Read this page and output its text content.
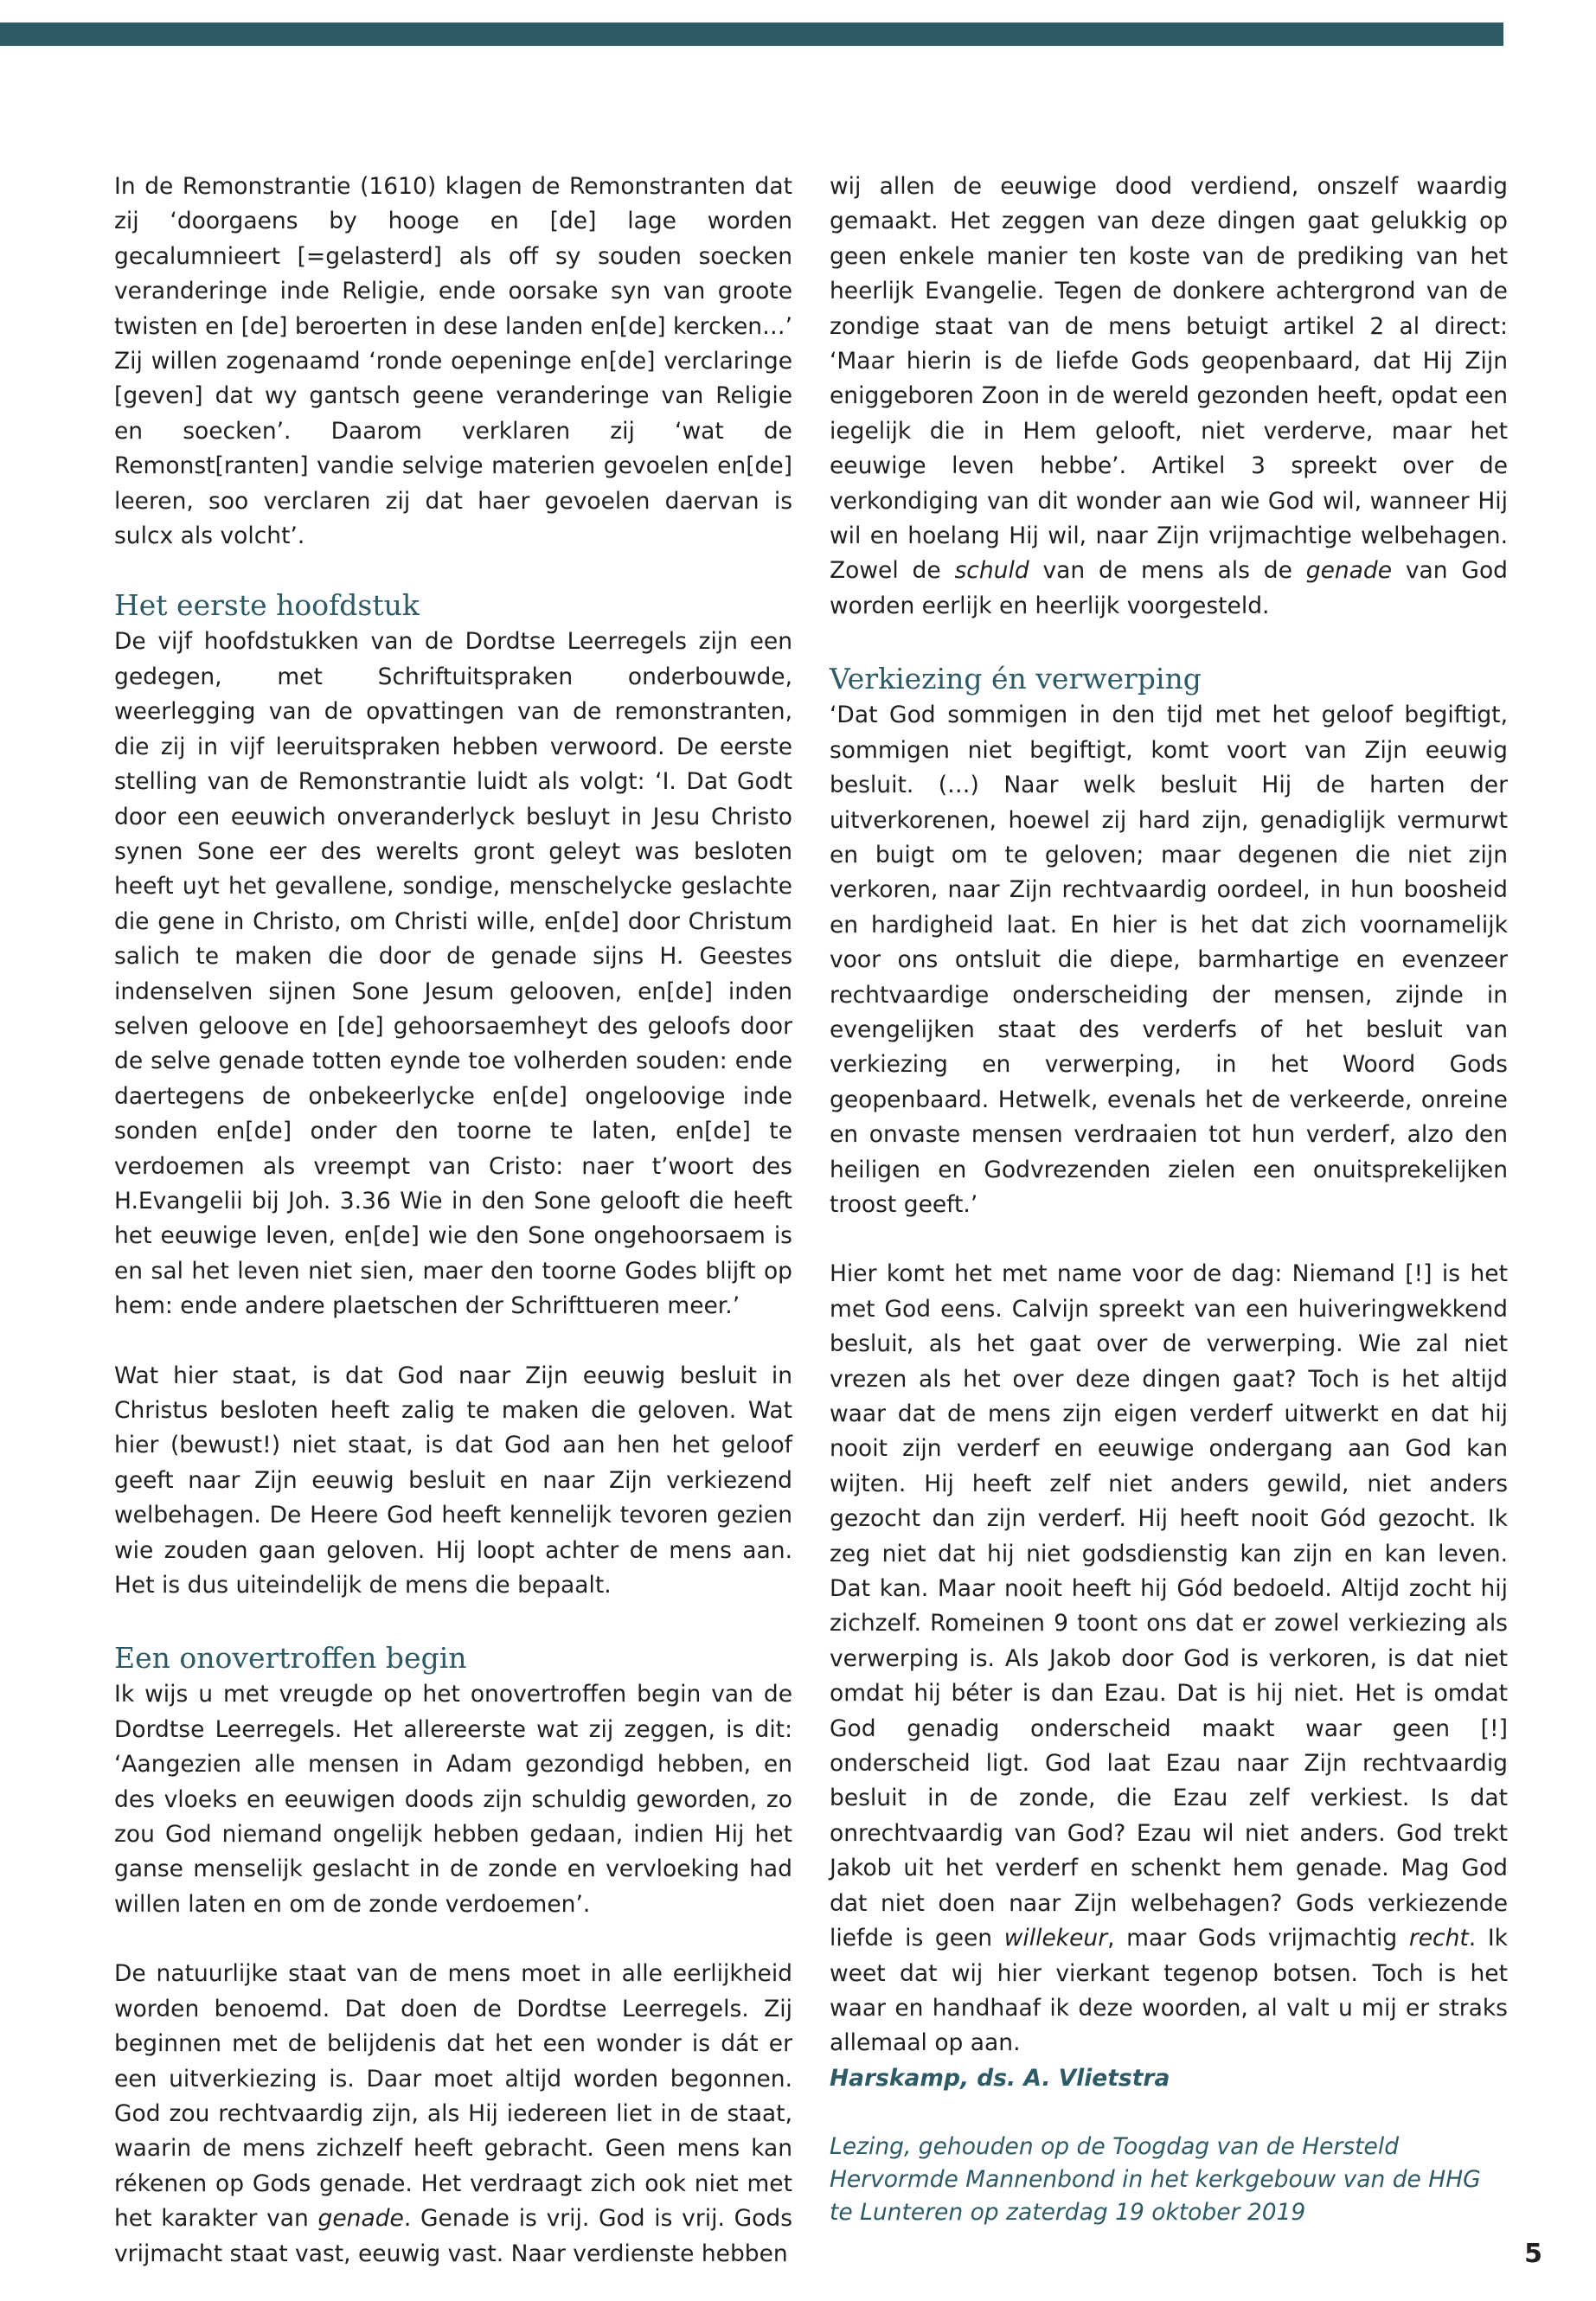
In de Remonstrantie (1610) klagen de Remonstranten dat zij ‘doorgaens by hooge en [de] lage worden gecalumnieert [=gelasterd] als off sy souden soecken veranderinge inde Religie, ende oorsake syn van groote twisten en [de] beroerten in dese landen en[de] kercken…’ Zij willen zogenaamd ‘ronde oepeninge en[de] verclaringe [geven] dat wy gantsch geene veranderinge van Religie en soecken’. Daarom verklaren zij ‘wat de Remonst[ranten] vandie selvige materien gevoelen en[de] leeren, soo verclaren zij dat haer gevoelen daervan is sulcx als volcht’.

Het eerste hoofdstuk

De vijf hoofdstukken van de Dordtse Leerregels zijn een gedegen, met Schriftuitspraken onderbouwde, weerlegging van de opvattingen van de remonstranten, die zij in vijf leeruitspraken hebben verwoord. De eerste stelling van de Remonstrantie luidt als volgt: ‘I. Dat Godt door een eeuwich onveranderlyck besluyt in Jesu Christo synen Sone eer des werelts gront geleyt was besloten heeft uyt het gevallene, sondige, menschelycke geslachte die gene in Christo, om Christi wille, en[de] door Christum salich te maken die door de genade sijns H. Geestes indenselven sijnen Sone Jesum gelooven, en[de] inden selven geloove en [de] gehoorsaemheyt des geloofs door de selve genade totten eynde toe volherden souden: ende daertegens de onbekeerlycke en[de] ongeloovige inde sonden en[de] onder den toorne te laten, en[de] te verdoemen als vreempt van Cristo: naer t’woort des H.Evangelii bij Joh. 3.36 Wie in den Sone gelooft die heeft het eeuwige leven, en[de] wie den Sone ongehoorsaem is en sal het leven niet sien, maer den toorne Godes blijft op hem: ende andere plaetschen der Schrifttueren meer.’

Wat hier staat, is dat God naar Zijn eeuwig besluit in Christus besloten heeft zalig te maken die geloven. Wat hier (bewust!) niet staat, is dat God aan hen het geloof geeft naar Zijn eeuwig besluit en naar Zijn verkiezend welbehagen. De Heere God heeft kennelijk tevoren gezien wie zouden gaan geloven. Hij loopt achter de mens aan. Het is dus uiteindelijk de mens die bepaalt.

Een onovertroffen begin

Ik wijs u met vreugde op het onovertroffen begin van de Dordtse Leerregels. Het allereerste wat zij zeggen, is dit: ‘Aangezien alle mensen in Adam gezondigd hebben, en des vloeks en eeuwigen doods zijn schuldig geworden, zo zou God niemand ongelijk hebben gedaan, indien Hij het ganse menselijk geslacht in de zonde en vervloeking had willen laten en om de zonde verdoemen’.

De natuurlijke staat van de mens moet in alle eerlijkheid worden benoemd. Dat doen de Dordtse Leerregels. Zij beginnen met de belijdenis dat het een wonder is dát er een uitverkiezing is. Daar moet altijd worden begonnen. God zou rechtvaardig zijn, als Hij iedereen liet in de staat, waarin de mens zichzelf heeft gebracht. Geen mens kan rékenen op Gods genade. Het verdraagt zich ook niet met het karakter van genade. Genade is vrij. God is vrij. Gods vrijmacht staat vast, eeuwig vast. Naar verdienste hebben

wij allen de eeuwige dood verdiend, onszelf waardig gemaakt. Het zeggen van deze dingen gaat gelukkig op geen enkele manier ten koste van de prediking van het heerlijk Evangelie. Tegen de donkere achtergrond van de zondige staat van de mens betuigt artikel 2 al direct: ‘Maar hierin is de liefde Gods geopenbaard, dat Hij Zijn eniggeboren Zoon in de wereld gezonden heeft, opdat een iegelijk die in Hem gelooft, niet verderve, maar het eeuwige leven hebbe’. Artikel 3 spreekt over de verkondiging van dit wonder aan wie God wil, wanneer Hij wil en hoelang Hij wil, naar Zijn vrijmachtige welbehagen. Zowel de schuld van de mens als de genade van God worden eerlijk en heerlijk voorgesteld.

Verkiezing én verwerping

‘Dat God sommigen in den tijd met het geloof begiftigt, sommigen niet begiftigt, komt voort van Zijn eeuwig besluit. (…) Naar welk besluit Hij de harten der uitverkorenen, hoewel zij hard zijn, genadiglijk vermurwt en buigt om te geloven; maar degenen die niet zijn verkoren, naar Zijn rechtvaardig oordeel, in hun boosheid en hardigheid laat. En hier is het dat zich voornamelijk voor ons ontsluit die diepe, barmhartige en evenzeer rechtvaardige onderscheiding der mensen, zijnde in evengelijken staat des verderfs of het besluit van verkiezing en verwerping, in het Woord Gods geopenbaard. Hetwelk, evenals het de verkeerde, onreine en onvaste mensen verdraaien tot hun verderf, alzo den heiligen en Godvrezenden zielen een onuitsprekelijken troost geeft.’

Hier komt het met name voor de dag: Niemand [!] is het met God eens. Calvijn spreekt van een huiveringwekkend besluit, als het gaat over de verwerping. Wie zal niet vrezen als het over deze dingen gaat? Toch is het altijd waar dat de mens zijn eigen verderf uitwerkt en dat hij nooit zijn verderf en eeuwige ondergang aan God kan wijten. Hij heeft zelf niet anders gewild, niet anders gezocht dan zijn verderf. Hij heeft nooit Gód gezocht. Ik zeg niet dat hij niet godsdienstig kan zijn en kan leven. Dat kan. Maar nooit heeft hij Gód bedoeld. Altijd zocht hij zichzelf. Romeinen 9 toont ons dat er zowel verkiezing als verwerping is. Als Jakob door God is verkoren, is dat niet omdat hij béter is dan Ezau. Dat is hij niet. Het is omdat God genadig onderscheid maakt waar geen [!] onderscheid ligt. God laat Ezau naar Zijn rechtvaardig besluit in de zonde, die Ezau zelf verkiest. Is dat onrechtvaardig van God? Ezau wil niet anders. God trekt Jakob uit het verderf en schenkt hem genade. Mag God dat niet doen naar Zijn welbehagen? Gods verkiezende liefde is geen willekeur, maar Gods vrijmachtig recht. Ik weet dat wij hier vierkant tegenop botsen. Toch is het waar en handhaaf ik deze woorden, al valt u mij er straks allemaal op aan.

Harskamp, ds. A. Vlietstra

Lezing, gehouden op de Toogdag van de Hersteld Hervormde Mannenbond in het kerkgebouw van de HHG te Lunteren op zaterdag 19 oktober 2019

5
